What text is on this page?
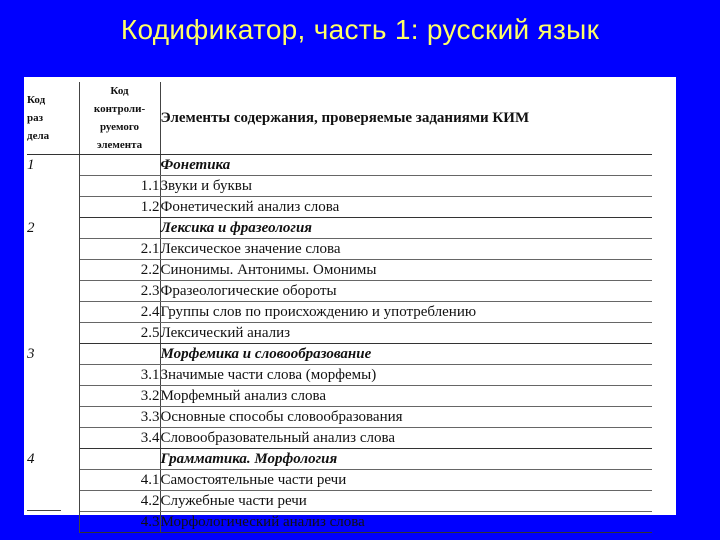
Кодификатор, часть 1: русский язык
Код
раз
дела	Код
контроли-
руемого
элемента	Элементы содержания, проверяемые заданиями КИМ
1		Фонетика
	1.1	Звуки и буквы
	1.2	Фонетический анализ слова
2		Лексика и фразеология
	2.1	Лексическое значение слова
	2.2	Синонимы. Антонимы. Омонимы
	2.3	Фразеологические обороты
	2.4	Группы слов по происхождению и употреблению
	2.5	Лексический анализ
3		Морфемика и словообразование
	3.1	Значимые части слова (морфемы)
	3.2	Морфемный анализ слова
	3.3	Основные способы словообразования
	3.4	Словообразовательный анализ слова
4		Грамматика. Морфология
	4.1	Самостоятельные части речи
	4.2	Служебные части речи
	4.3	Морфологический анализ слова
